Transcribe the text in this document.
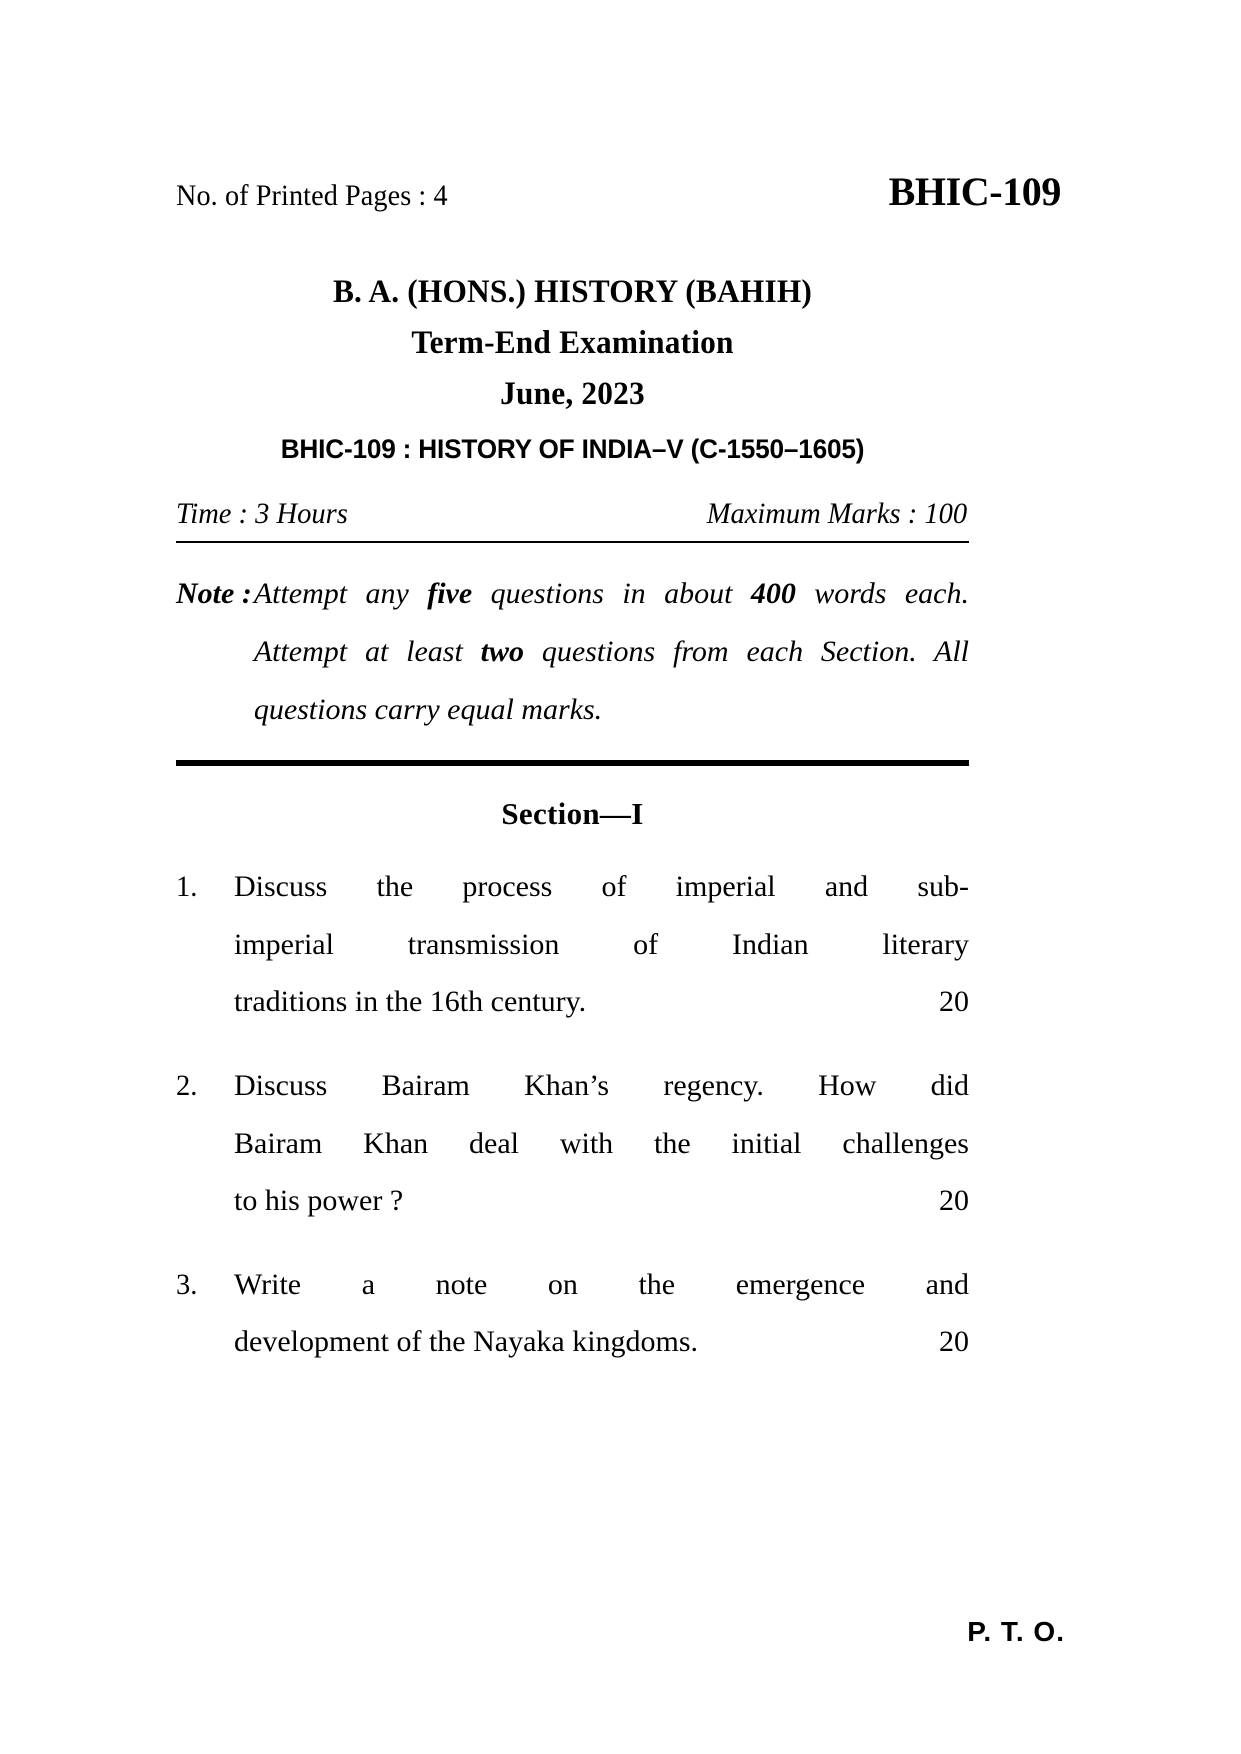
No. of Printed Pages : 4	BHIC-109
B. A. (HONS.) HISTORY (BAHIH)
Term-End Examination
June, 2023
BHIC-109 : HISTORY OF INDIA–V (C-1550–1605)
Time : 3 Hours	Maximum Marks : 100
Note : Attempt any five questions in about 400 words each. Attempt at least two questions from each Section. All questions carry equal marks.
Section—I
1.	Discuss the process of imperial and sub-
imperial transmission of Indian literary
traditions in the 16th century.	20
2.	Discuss Bairam Khan’s regency. How did
Bairam Khan deal with the initial challenges
to his power ?	20
3.	Write a note on the emergence and
development of the Nayaka kingdoms.	20
P. T. O.
